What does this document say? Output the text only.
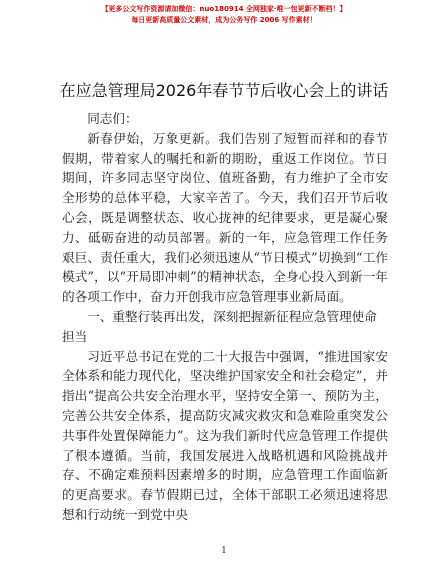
【更多公文写作资源请加微信：nuo180914 全网独家·唯一包更新不断档！】
每日更新高质量公文素材，成为公务写作 2006 写作素材！
在应急管理局2026年春节节后收心会上的讲话

同志们：

新春伊始，万象更新。我们告别了短暂而祥和的春节假期，带着家人的嘱托和新的期盼，重返工作岗位。节日期间，许多同志坚守岗位、值班备勤，有力维护了全市安全形势的总体平稳，大家辛苦了。今天，我们召开节后收心会，既是调整状态、收心拢神的纪律要求，更是凝心聚力、砥砺奋进的动员部署。新的一年，应急管理工作任务艰巨、责任重大，我们必须迅速从“节日模式”切换到“工作模式”，以“开局即冲刺”的精神状态，全身心投入到新一年的各项工作中，奋力开创我市应急管理事业新局面。

一、重整行装再出发，深刻把握新征程应急管理使命担当

习近平总书记在党的二十大报告中强调，“推进国家安全体系和能力现代化，坚决维护国家安全和社会稳定”，并指出“提高公共安全治理水平，坚持安全第一、预防为主，完善公共安全体系，提高防灾减灾救灾和急难险重突发公共事件处置保障能力”。这为我们新时代应急管理工作提供了根本遵循。当前，我国发展进入战略机遇和风险挑战并存、不确定难预料因素增多的时期，应急管理工作面临新的更高要求。春节假期已过，全体干部职工必须迅速将思想和行动统一到党中央

1
